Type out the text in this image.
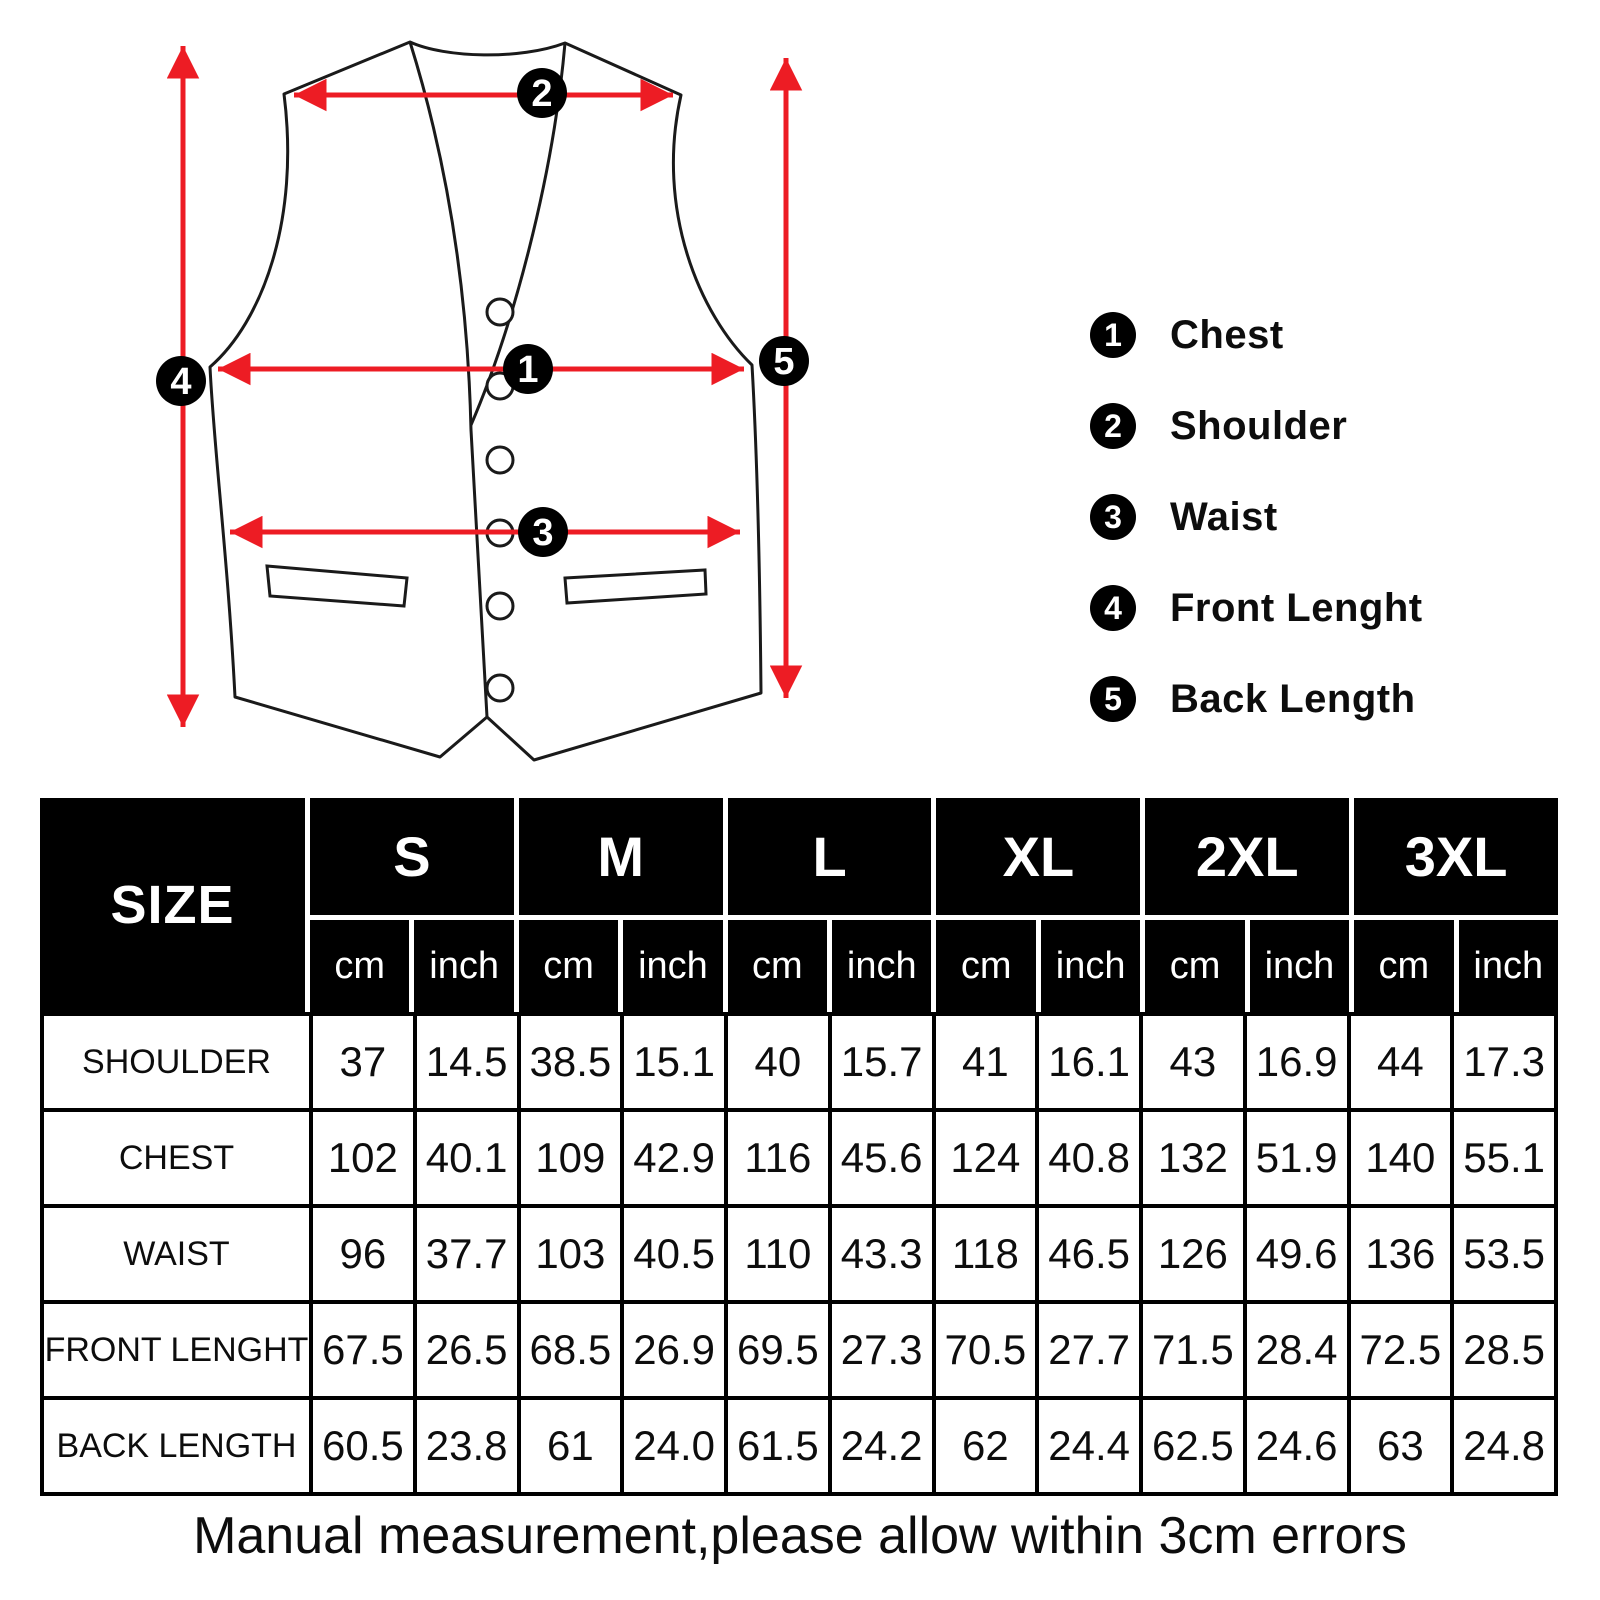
1
2
3
4	5
1	Chest
2	Shoulder
3	Waist
4	Front Lenght
5	Back Length
SIZE
S	M	L	XL	2XL	3XL
cm	inch	cm	inch	cm	inch	cm	inch	cm	inch	cm	inch
SHOULDER	37 14.5 38.5 15.1 40 15.7 41 16.1 43 16.9 44 17.3
CHEST	102 40.1 109 42.9 116 45.6 124 40.8 132 51.9 140 55.1
WAIST	96 37.7 103 40.5 110 43.3 118 46.5 126 49.6 136 53.5
FRONT LENGHT 67.5 26.5 68.5 26.9 69.5 27.3 70.5 27.7 71.5 28.4 72.5 28.5
BACK LENGTH 60.5 23.8 61 24.0 61.5 24.2 62 24.4 62.5 24.6 63 24.8
Manual measurement,please allow within 3cm errors
